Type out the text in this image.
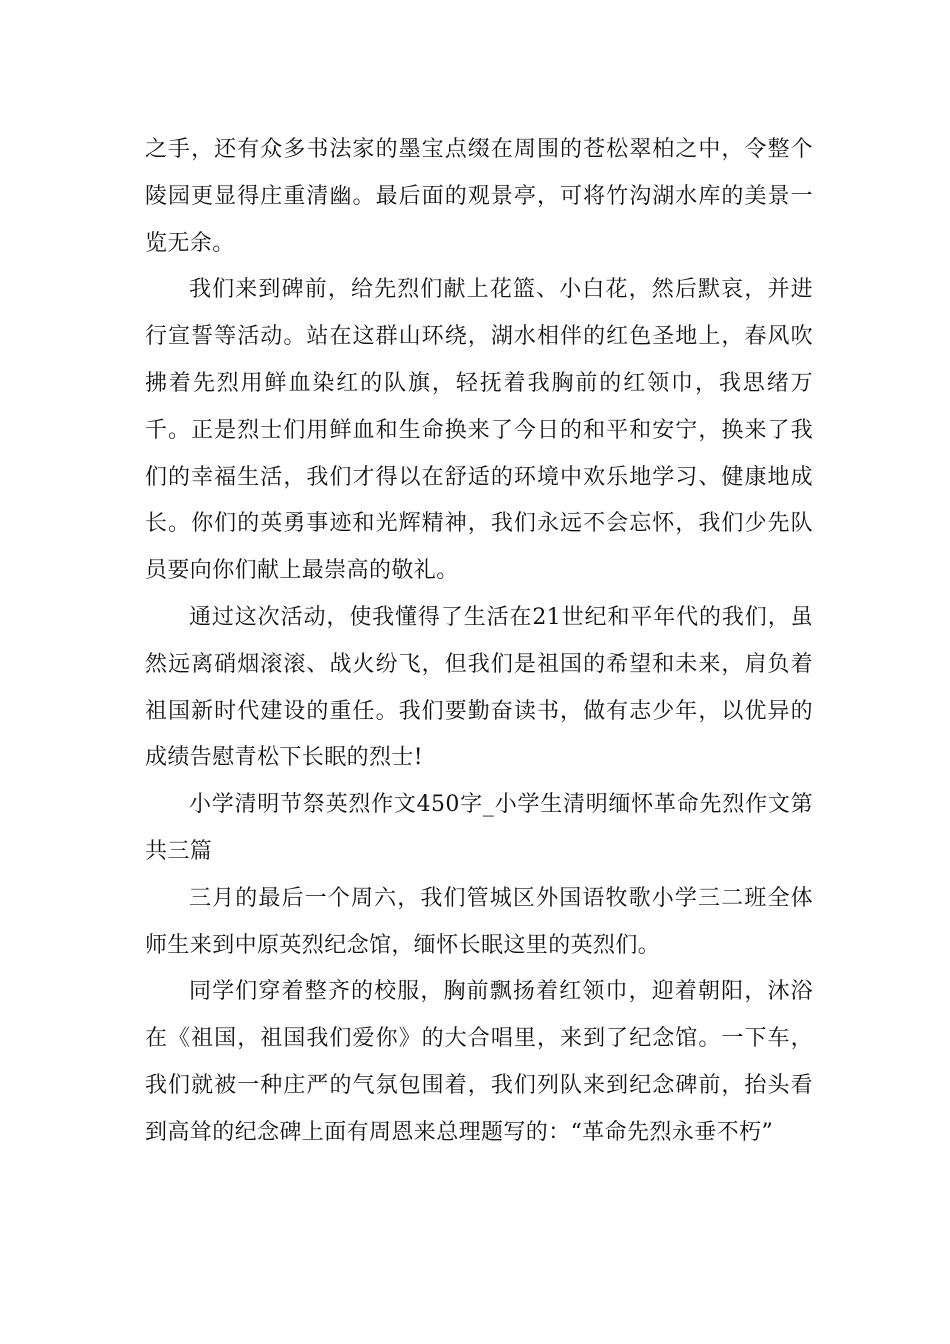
之手，还有众多书法家的墨宝点缀在周围的苍松翠柏之中，令整个陵园更显得庄重清幽。最后面的观景亭，可将竹沟湖水库的美景一览无余。

我们来到碑前，给先烈们献上花篮、小白花，然后默哀，并进行宣誓等活动。站在这群山环绕，湖水相伴的红色圣地上，春风吹拂着先烈用鲜血染红的队旗，轻抚着我胸前的红领巾，我思绪万千。正是烈士们用鲜血和生命换来了今日的和平和安宁，换来了我们的幸福生活，我们才得以在舒适的环境中欢乐地学习、健康地成长。你们的英勇事迹和光辉精神，我们永远不会忘怀，我们少先队员要向你们献上最崇高的敬礼。

通过这次活动，使我懂得了生活在21世纪和平年代的我们，虽然远离硝烟滚滚、战火纷飞，但我们是祖国的希望和未来，肩负着祖国新时代建设的重任。我们要勤奋读书，做有志少年，以优异的成绩告慰青松下长眠的烈士!

小学清明节祭英烈作文450字_小学生清明缅怀革命先烈作文第共三篇

三月的最后一个周六，我们管城区外国语牧歌小学三二班全体师生来到中原英烈纪念馆，缅怀长眠这里的英烈们。

同学们穿着整齐的校服，胸前飘扬着红领巾，迎着朝阳，沐浴在《祖国，祖国我们爱你》的大合唱里，来到了纪念馆。一下车，我们就被一种庄严的气氛包围着，我们列队来到纪念碑前，抬头看到高耸的纪念碑上面有周恩来总理题写的：“革命先烈永垂不朽”
